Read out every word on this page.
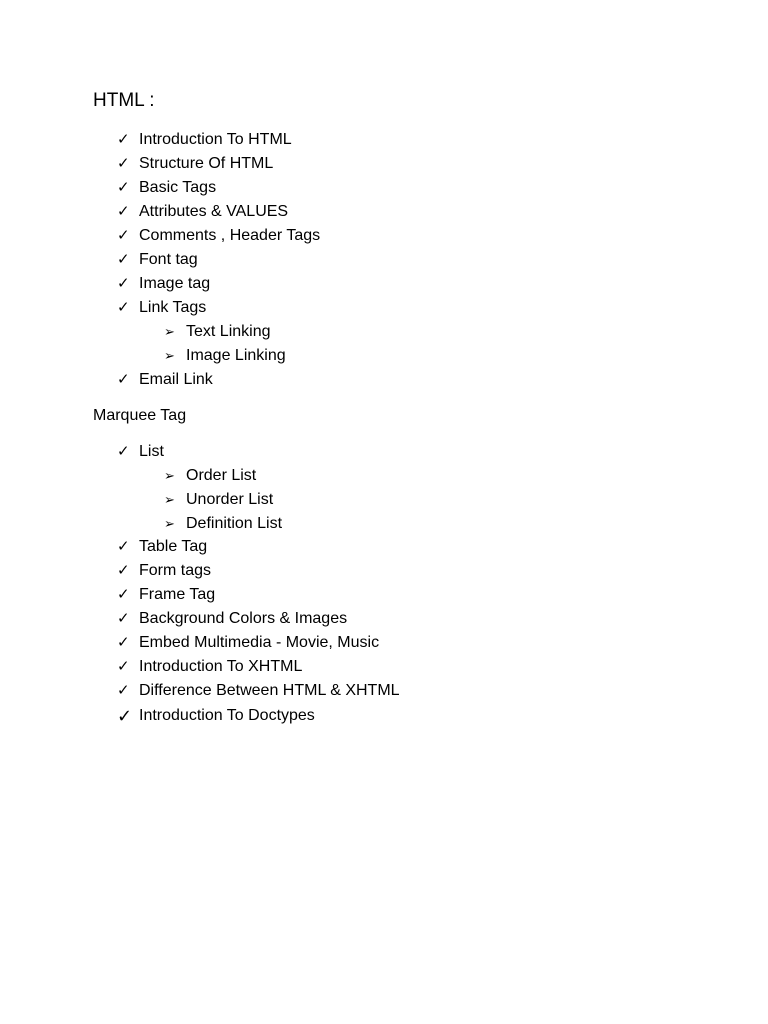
HTML :
✓ Introduction To HTML
✓ Structure Of HTML
✓ Basic Tags
✓ Attributes & VALUES
✓ Comments , Header Tags
✓ Font tag
✓ Image tag
✓ Link Tags
➢ Text Linking
➢ Image Linking
✓ Email Link
Marquee Tag
✓ List
➢ Order List
➢ Unorder List
➢ Definition List
✓ Table Tag
✓ Form tags
✓ Frame Tag
✓ Background Colors & Images
✓ Embed Multimedia - Movie, Music
✓ Introduction To XHTML
✓ Difference Between HTML & XHTML
✓ Introduction To Doctypes
